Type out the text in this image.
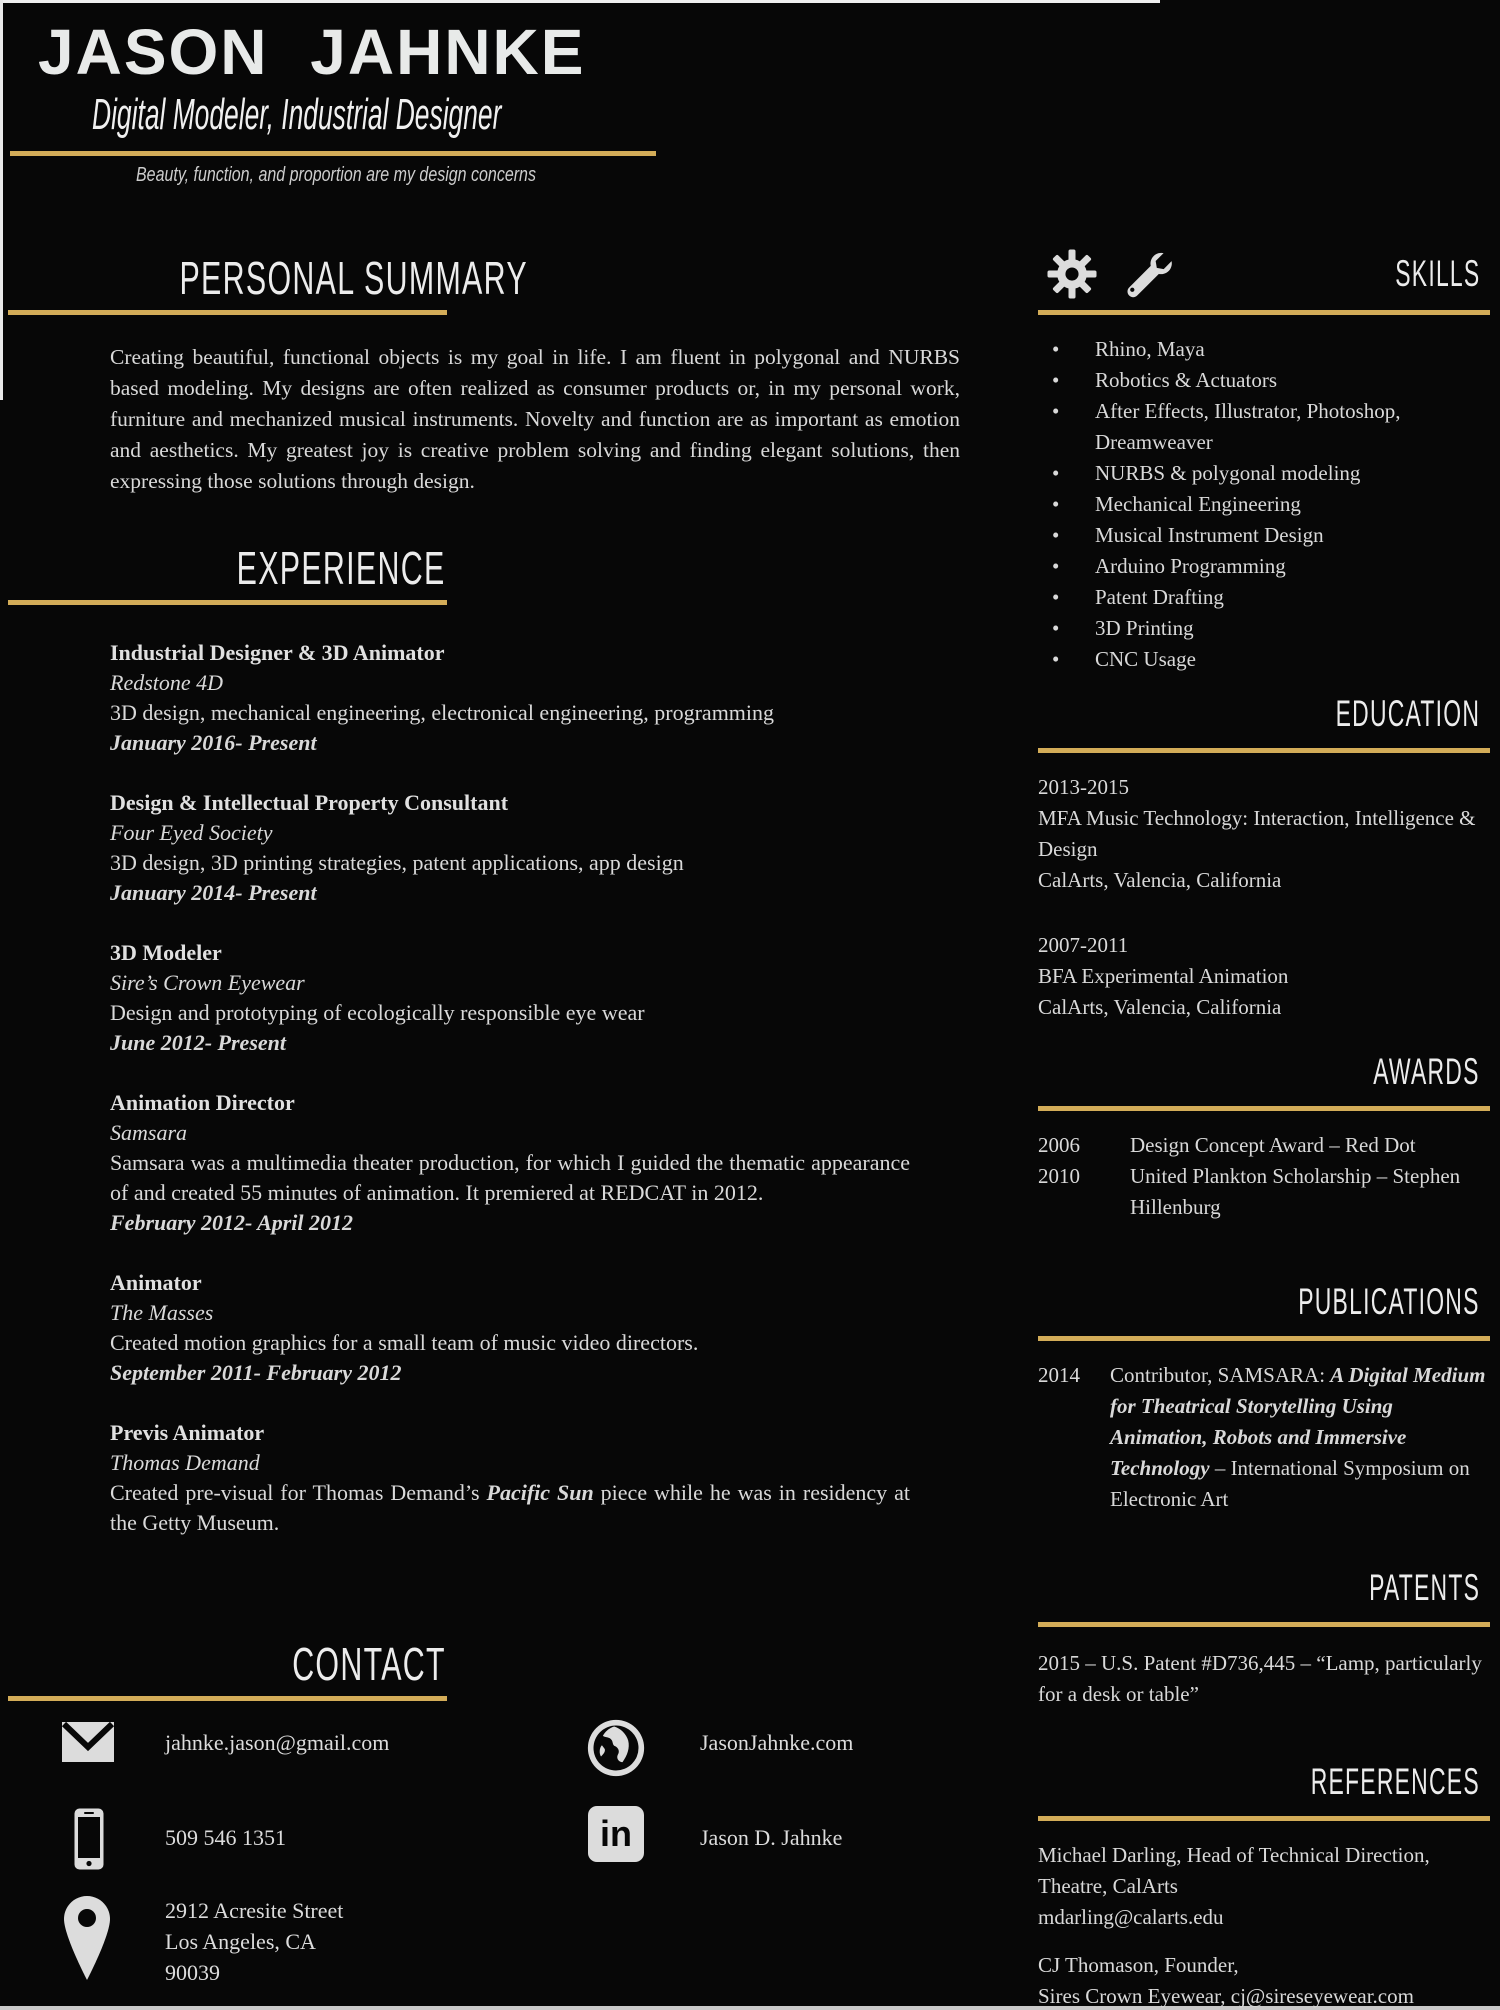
JASON JAHNKE
Digital Modeler, Industrial Designer
Beauty, function, and proportion are my design concerns
PERSONAL SUMMARY

Creating beautiful, functional objects is my goal in life. I am fluent in polygonal and NURBS based modeling. My designs are often realized as consumer products or, in my personal work, furniture and mechanized musical instruments. Novelty and function are as important as emotion and aesthetics. My greatest joy is creative problem solving and finding elegant solutions, then expressing those solutions through design.

EXPERIENCE
Industrial Designer & 3D Animator
Redstone 4D
3D design, mechanical engineering, electronical engineering, programming
January 2016- Present
Design & Intellectual Property Consultant
Four Eyed Society
3D design, 3D printing strategies, patent applications, app design
January 2014- Present
3D Modeler
Sire’s Crown Eyewear
Design and prototyping of ecologically responsible eye wear
June 2012- Present
Animation Director
Samsara
Samsara was a multimedia theater production, for which I guided the thematic appearance of and created 55 minutes of animation. It premiered at REDCAT in 2012.
February 2012- April 2012
Animator
The Masses
Created motion graphics for a small team of music video directors.
September 2011- February 2012
Previs Animator
Thomas Demand
Created pre-visual for Thomas Demand’s Pacific Sun piece while he was in residency at the Getty Museum.
CONTACT
jahnke.jason@gmail.com	JasonJahnke.com
509 546 1351	in	Jason D. Jahnke
2912 Acresite Street
Los Angeles, CA
90039
SKILLS
• Rhino, Maya
• Robotics & Actuators
• After Effects, Illustrator, Photoshop, Dreamweaver
• NURBS & polygonal modeling
• Mechanical Engineering
• Musical Instrument Design
• Arduino Programming
• Patent Drafting
• 3D Printing
• CNC Usage
EDUCATION
2013-2015
MFA Music Technology: Interaction, Intelligence & Design
CalArts, Valencia, California
2007-2011
BFA Experimental Animation
CalArts, Valencia, California
AWARDS
2006	Design Concept Award – Red Dot
2010	United Plankton Scholarship – Stephen Hillenburg
PUBLICATIONS
2014	Contributor, SAMSARA: A Digital Medium for Theatrical Storytelling Using Animation, Robots and Immersive Technology – International Symposium on Electronic Art
PATENTS
2015 – U.S. Patent #D736,445 – “Lamp, particularly for a desk or table”
REFERENCES
Michael Darling, Head of Technical Direction, Theatre, CalArts
mdarling@calarts.edu
CJ Thomason, Founder,
Sires Crown Eyewear, cj@sireseyewear.com
